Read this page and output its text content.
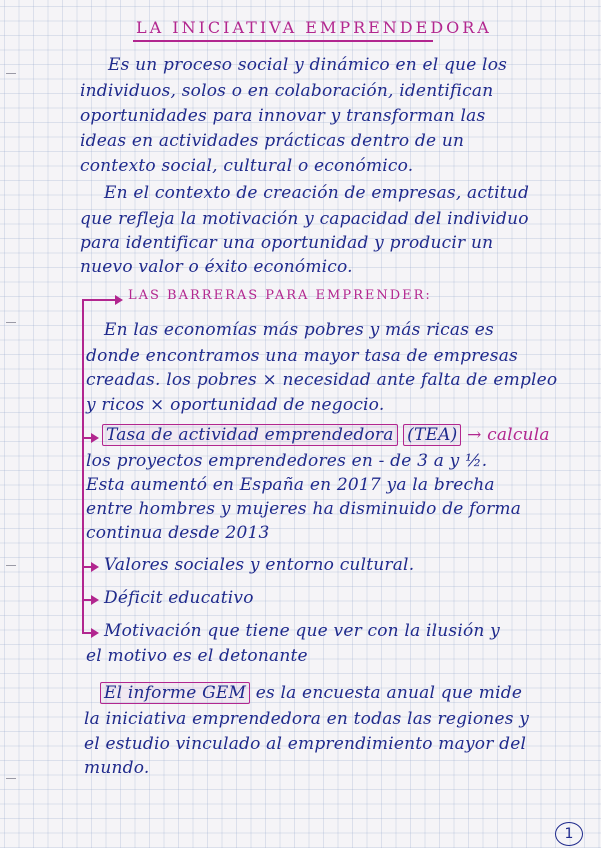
LA INICIATIVA EMPRENDEDORA

Es un proceso social y dinámico en el que los

individuos, solos o en colaboración, identifican

oportunidades para innovar y transforman las

ideas en actividades prácticas dentro de un

contexto social, cultural o económico.

En el contexto de creación de empresas, actitud

que refleja la motivación y capacidad del individuo

para identificar una oportunidad y producir un

nuevo valor o éxito económico.

LAS BARRERAS PARA EMPRENDER:

En las economías más pobres y más ricas es

donde encontramos una mayor tasa de empresas

creadas. los pobres × necesidad ante falta de empleo

y ricos × oportunidad de negocio.

Tasa de actividad emprendedora (TEA) → calcula

los proyectos emprendedores en - de 3 a y ½.

Esta aumentó en España en 2017 ya la brecha

entre hombres y mujeres ha disminuido de forma

continua desde 2013

Valores sociales y entorno cultural.

Déficit educativo

Motivación que tiene que ver con la ilusión y

el motivo es el detonante

El informe GEM es la encuesta anual que mide

la iniciativa emprendedora en todas las regiones y

el estudio vinculado al emprendimiento mayor del

mundo.

1
